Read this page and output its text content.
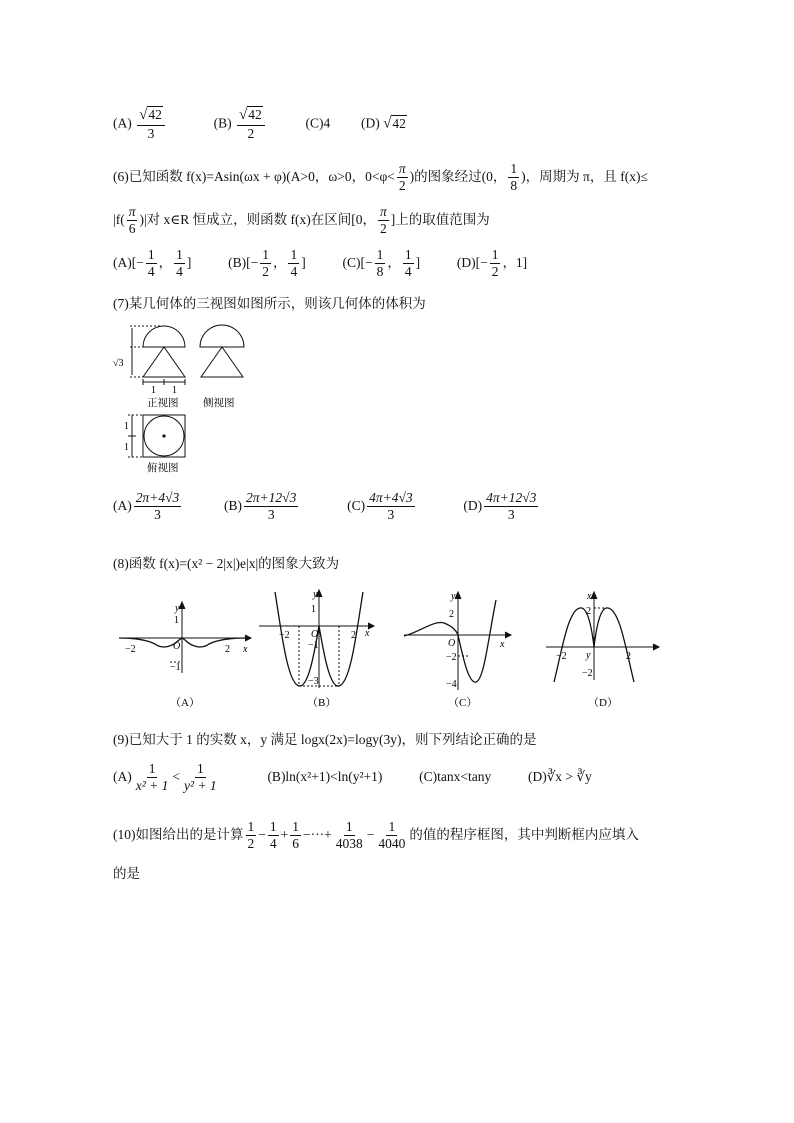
$(A) \frac{√42}{3}$	$(B) \frac{√42}{2}$	(C)4 (D) √42
(6)已知函数 f(x)=Asin(ωx + φ)(A>0，ω>0，$0<\varphi< \frac{\pi}{2}$ )的图象经过(0， $\frac{1}{8}$ )，周期为 π，且 f(x)≤
$|f( \frac{\pi}{6}$ )|对 x∈R 恒成立，则函数 f(x)在区间[0， $\frac{\pi}{2}$ ]上的取值范围为
$(A)[- \frac{1}{4}$ ， $\frac{1}{4}$ ]	$(B)[- \frac{1}{2}$ ， $\frac{1}{4}$ ]	$(C)[- \frac{1}{8}$ ， $\frac{1}{4}$ ]	$(D)[- \frac{1}{2}$ ，1]
(7)某几何体的三视图如图所示，则该几何体的体积为
√3
1 1
正视图 侧视图
1
1
俯视图
$(A) \frac{2\pi+4√3}{3}$	$(B) \frac{2\pi+12√3}{3}$	$(C) \frac{4\pi+4√3}{3}$	$(D) \frac{4\pi+12√3}{3}$
(8)函数 f(x)=(x² − 2|x|)e|x|的图象大致为
y
x
1
−1
−2	2
O
（A）
y
x
1
−1
−3
−2	2
O
（B）
y
x
2
−2
−4
O
（C）
x
2
−2
−2	2
y
（D）
(9)已知大于 1 的实数 x，y 满足 logx(2x)=logy(3y)，则下列结论正确的是
$(A) \frac{1}{\text{x² + 1}} < \frac{1}{\text{y² + 1}}$	(B)ln(x²+1)<ln(y²+1)	(C)tanx<tany	(D)∛x > ∛y
(10)如图给出的是计算 $\frac{1}{2} - \frac{1}{4} + \frac{1}{6}$ −···+ $\frac{1}{4038} - \frac{1}{4040}$ 的值的程序框图，其中判断框内应填入
的是
